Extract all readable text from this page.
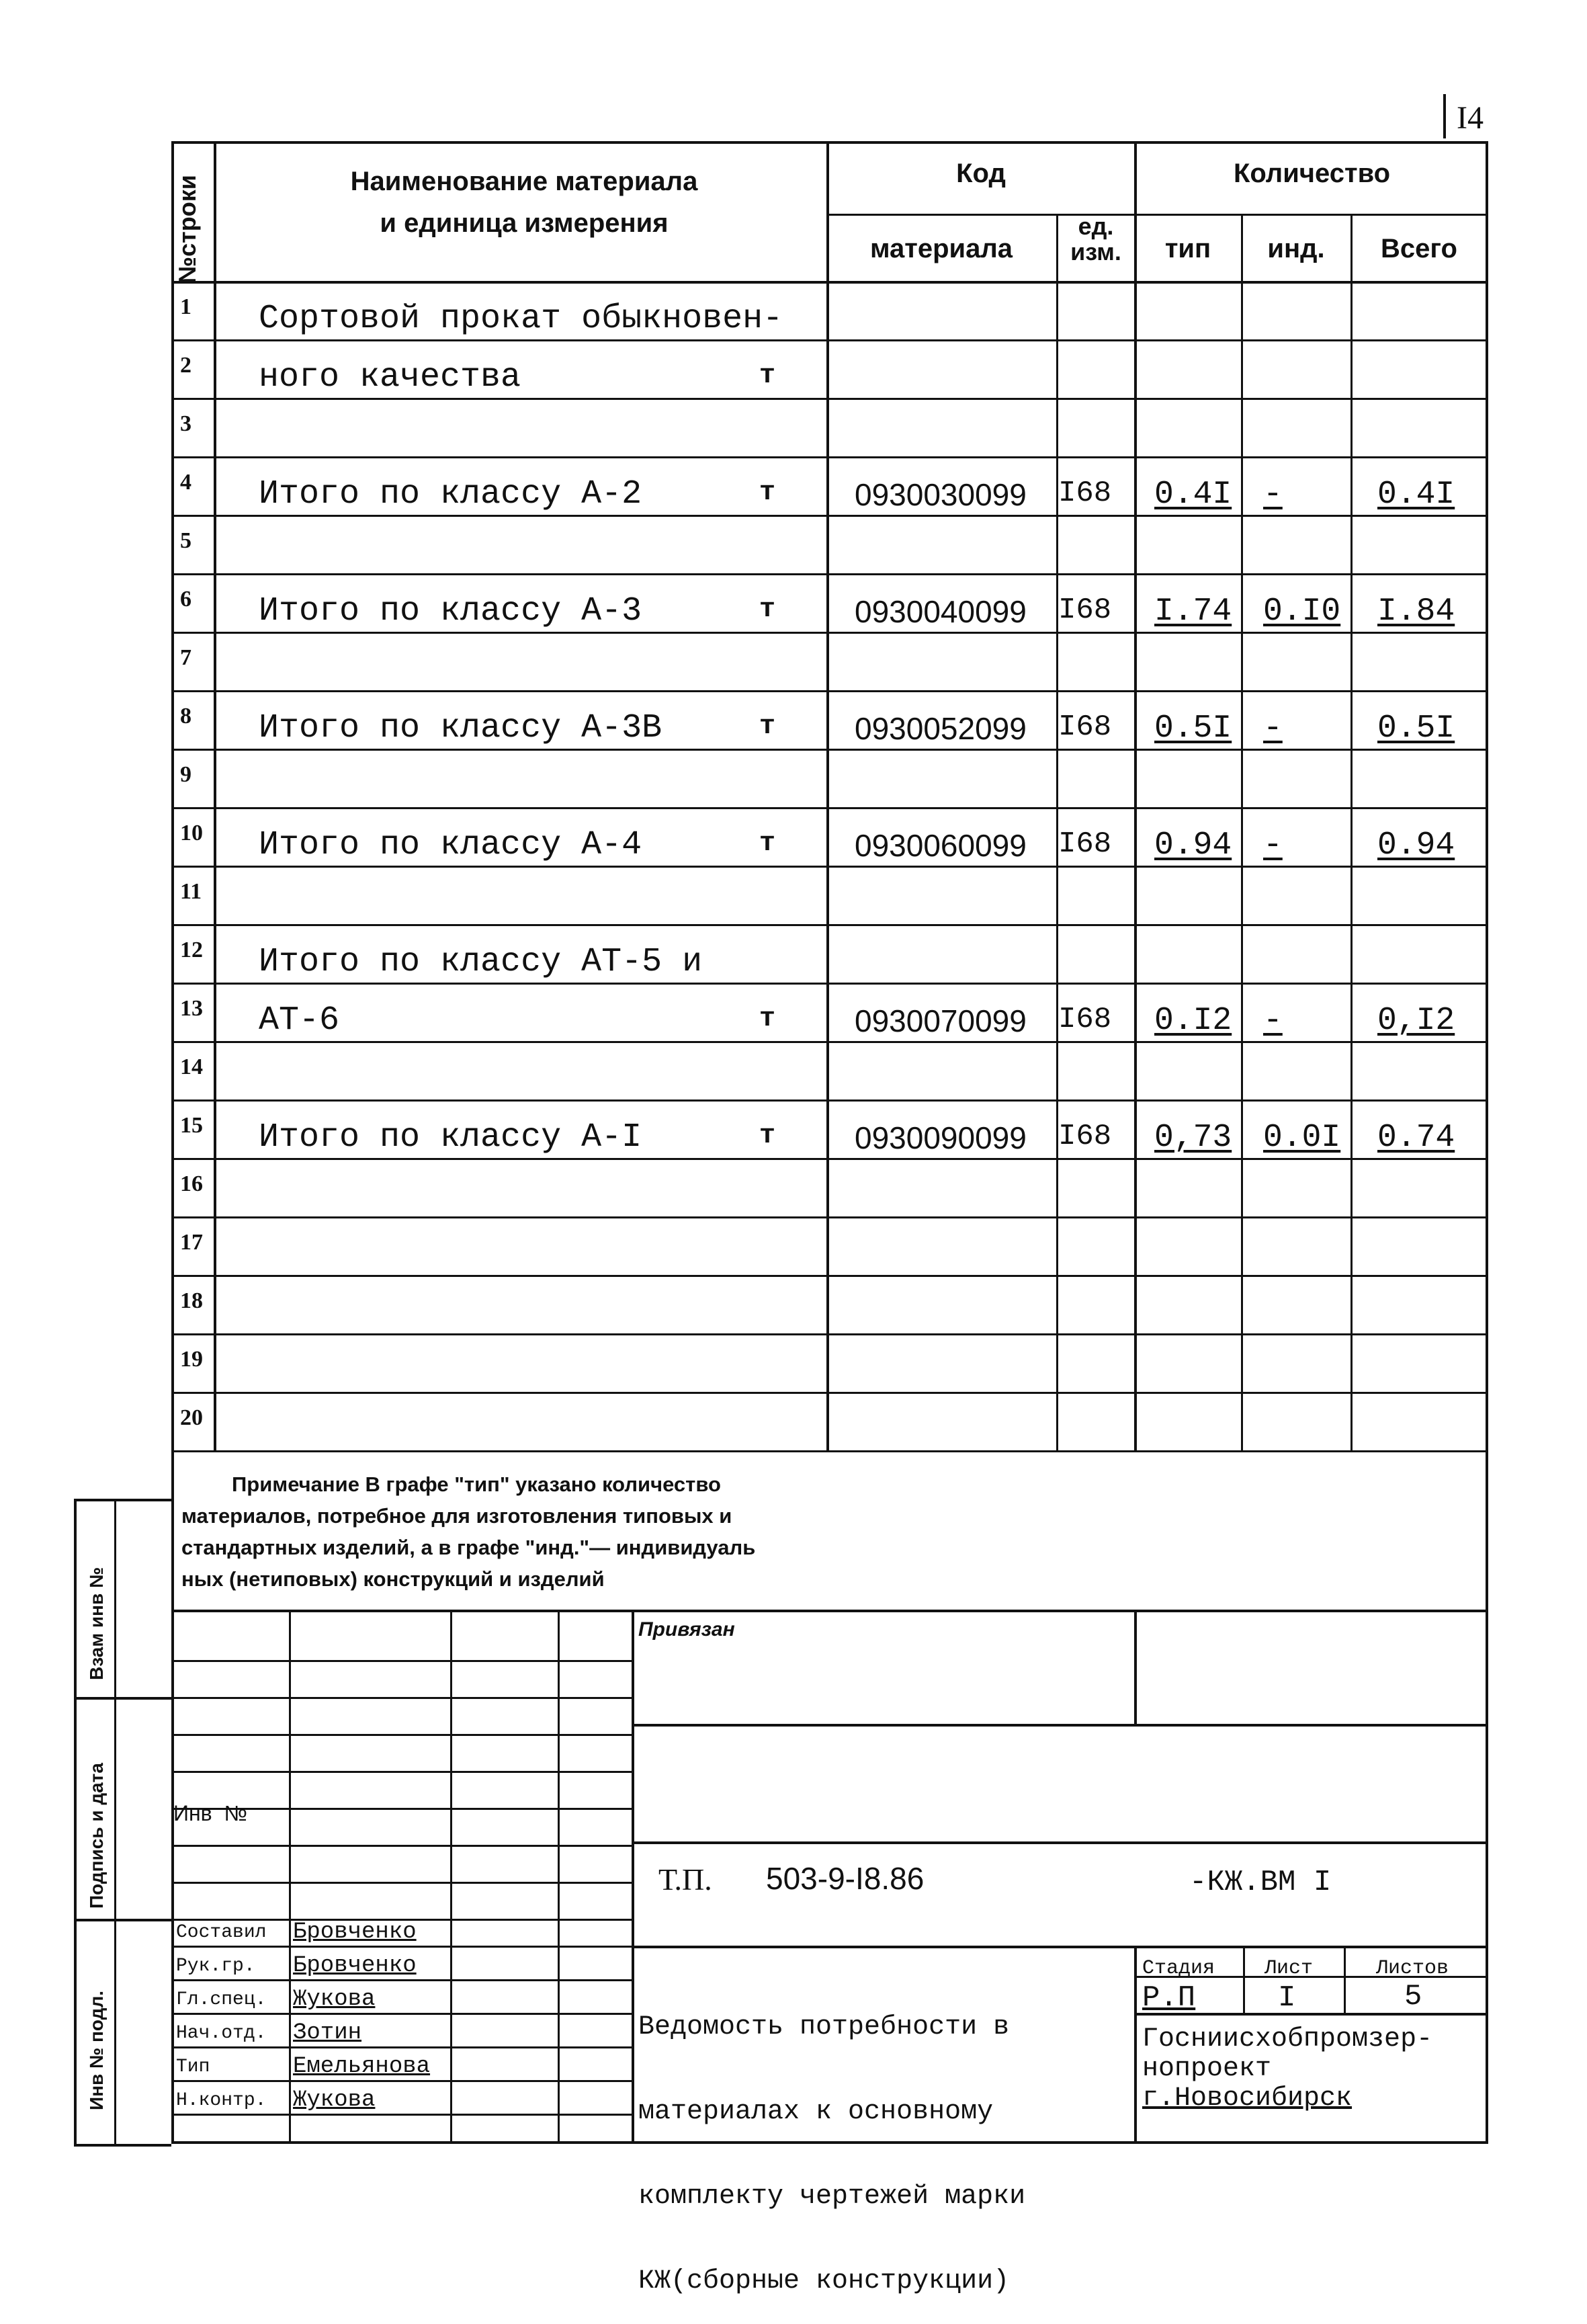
I4
№строки	Наименование материала
и единица измерения
Код	Количество
материала
ед. изм.	тип	инд.	Всего
Примечание В графе "тип" указано количество
материалов, потребное для изготовления типовых и
стандартных изделий, а в графе "инд."— индивидуаль
ных (нетиповых) конструкций и изделий
Привязан
Инв  №
Т.П. 503-9-I8.86	-КЖ.ВМ I

Ведомость потребности в

материалах к основному

комплекту чертежей марки

КЖ(сборные конструкции)

Стадия Лист	Листов
Р.П	I	5
Гоcниисхобпромзер-
нопроект
г.Новосибирск
Взам инв №
Подпись и дата
Инв № подл.
1 Сортовой прокат обыкновен-
2 ного качества	т
3
4 Итого по классу А-2	т	0930030099 I68 0.4I -	0.4I
5
6 Итого по классу А-3	т	0930040099 I68 I.74 0.I0 I.84
7
8 Итого по классу А-3В	т	0930052099 I68 0.5I -	0.5I
9
10 Итого по классу А-4	т	0930060099 I68 0.94 -	0.94
11
12 Итого по классу АТ-5 и
13 АТ-6	т	0930070099 I68 0.I2 -	0,I2
14
15 Итого по классу А-I	т	0930090099 I68 0,73 0.0I 0.74
16
17
18
19
20
Составил Бровченко
Рук.гр. Бровченко
Гл.спец. Жукова
Нач.отд. Зотин
Тип	Емельянова
Н.контр. Жукова
